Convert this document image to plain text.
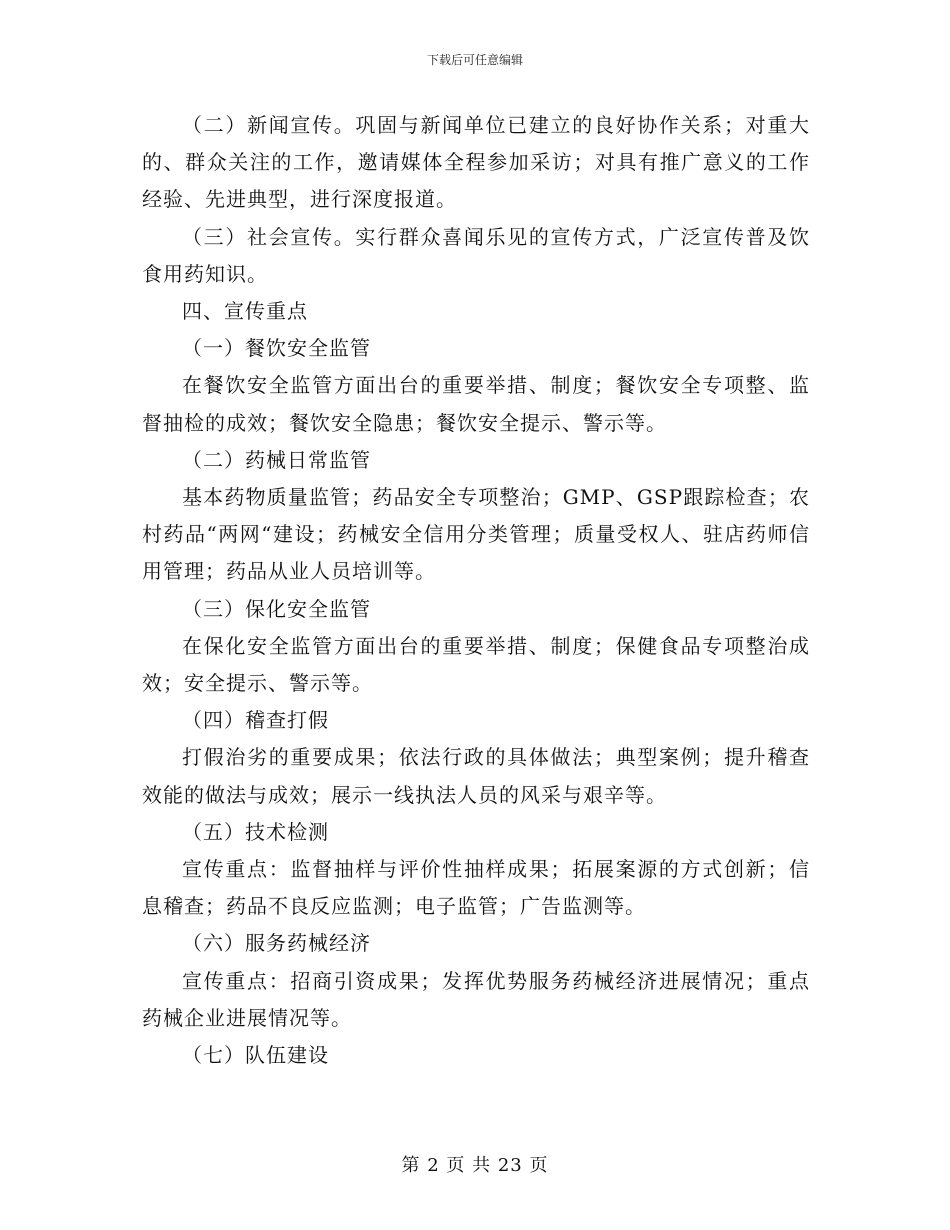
下载后可任意编辑

（二）新闻宣传。巩固与新闻单位已建立的良好协作关系；对重大的、群众关注的工作，邀请媒体全程参加采访；对具有推广意义的工作经验、先进典型，进行深度报道。

（三）社会宣传。实行群众喜闻乐见的宣传方式，广泛宣传普及饮食用药知识。

四、宣传重点

（一）餐饮安全监管

在餐饮安全监管方面出台的重要举措、制度；餐饮安全专项整、监督抽检的成效；餐饮安全隐患；餐饮安全提示、警示等。

（二）药械日常监管

基本药物质量监管；药品安全专项整治；GMP、GSP跟踪检查；农村药品“两网“建设；药械安全信用分类管理；质量受权人、驻店药师信用管理；药品从业人员培训等。

（三）保化安全监管

在保化安全监管方面出台的重要举措、制度；保健食品专项整治成效；安全提示、警示等。

（四）稽查打假

打假治劣的重要成果；依法行政的具体做法；典型案例；提升稽查效能的做法与成效；展示一线执法人员的风采与艰辛等。

（五）技术检测

宣传重点：监督抽样与评价性抽样成果；拓展案源的方式创新；信息稽查；药品不良反应监测；电子监管；广告监测等。

（六）服务药械经济

宣传重点：招商引资成果；发挥优势服务药械经济进展情况；重点药械企业进展情况等。

（七）队伍建设

第 2 页 共 23 页
